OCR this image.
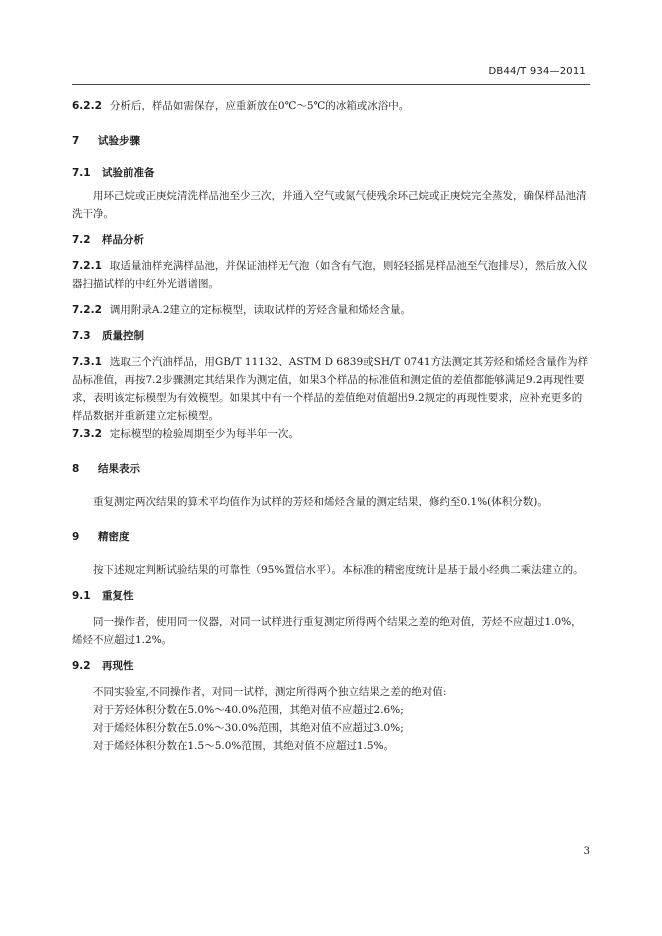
DB44/T 934—2011

6.2.2 分析后，样品如需保存，应重新放在0℃～5℃的冰箱或冰浴中。

7 试验步骤
7.1 试验前准备

用环己烷或正庚烷清洗样品池至少三次，并通入空气或氮气使残余环己烷或正庚烷完全蒸发，确保样品池清洗干净。

7.2 样品分析

7.2.1 取适量油样充满样品池，并保证油样无气泡（如含有气泡，则轻轻摇晃样品池至气泡排尽），然后放入仪器扫描试样的中红外光谱谱图。

7.2.2 调用附录A.2建立的定标模型，读取试样的芳烃含量和烯烃含量。

7.3 质量控制

7.3.1 选取三个汽油样品，用GB/T 11132、ASTM D 6839或SH/T 0741方法测定其芳烃和烯烃含量作为样品标准值，再按7.2步骤测定其结果作为测定值，如果3个样品的标准值和测定值的差值都能够满足9.2再现性要求，表明该定标模型为有效模型。如果其中有一个样品的差值绝对值超出9.2规定的再现性要求，应补充更多的样品数据并重新建立定标模型。

7.3.2 定标模型的检验周期至少为每半年一次。

8 结果表示

重复测定两次结果的算术平均值作为试样的芳烃和烯烃含量的测定结果，修约至0.1%(体积分数)。

9 精密度

按下述规定判断试验结果的可靠性（95%置信水平）。本标准的精密度统计是基于最小经典二乘法建立的。

9.1 重复性

同一操作者，使用同一仪器，对同一试样进行重复测定所得两个结果之差的绝对值，芳烃不应超过1.0%，烯烃不应超过1.2%。

9.2 再现性

不同实验室,不同操作者，对同一试样，测定所得两个独立结果之差的绝对值:

对于芳烃体积分数在5.0%～40.0%范围，其绝对值不应超过2.6%;

对于烯烃体积分数在5.0%～30.0%范围，其绝对值不应超过3.0%;

对于烯烃体积分数在1.5～5.0%范围，其绝对值不应超过1.5%。

3
